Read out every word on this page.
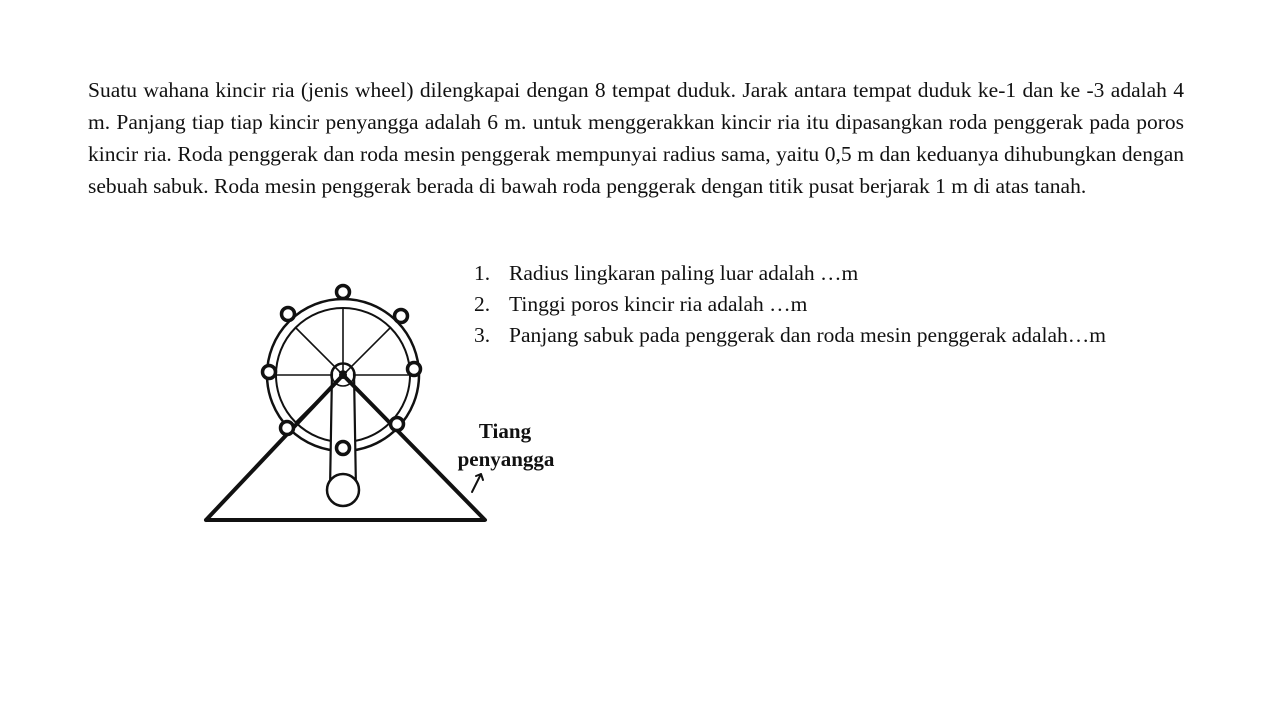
Suatu wahana kincir ria (jenis wheel) dilengkapai dengan 8 tempat duduk. Jarak antara tempat duduk ke-1 dan ke -3 adalah 4 m. Panjang tiap tiap kincir penyangga adalah 6 m. untuk menggerakkan kincir ria itu dipasangkan roda penggerak pada poros kincir ria. Roda penggerak dan roda mesin penggerak mempunyai radius sama, yaitu 0,5 m dan keduanya dihubungkan dengan sebuah sabuk. Roda mesin penggerak berada di bawah roda penggerak dengan titik pusat berjarak 1 m di atas tanah.

1. Radius lingkaran paling luar adalah …m
2. Tinggi poros kincir ria adalah …m
3. Panjang sabuk pada penggerak dan roda mesin penggerak adalah…m
Tiang
penyangga
